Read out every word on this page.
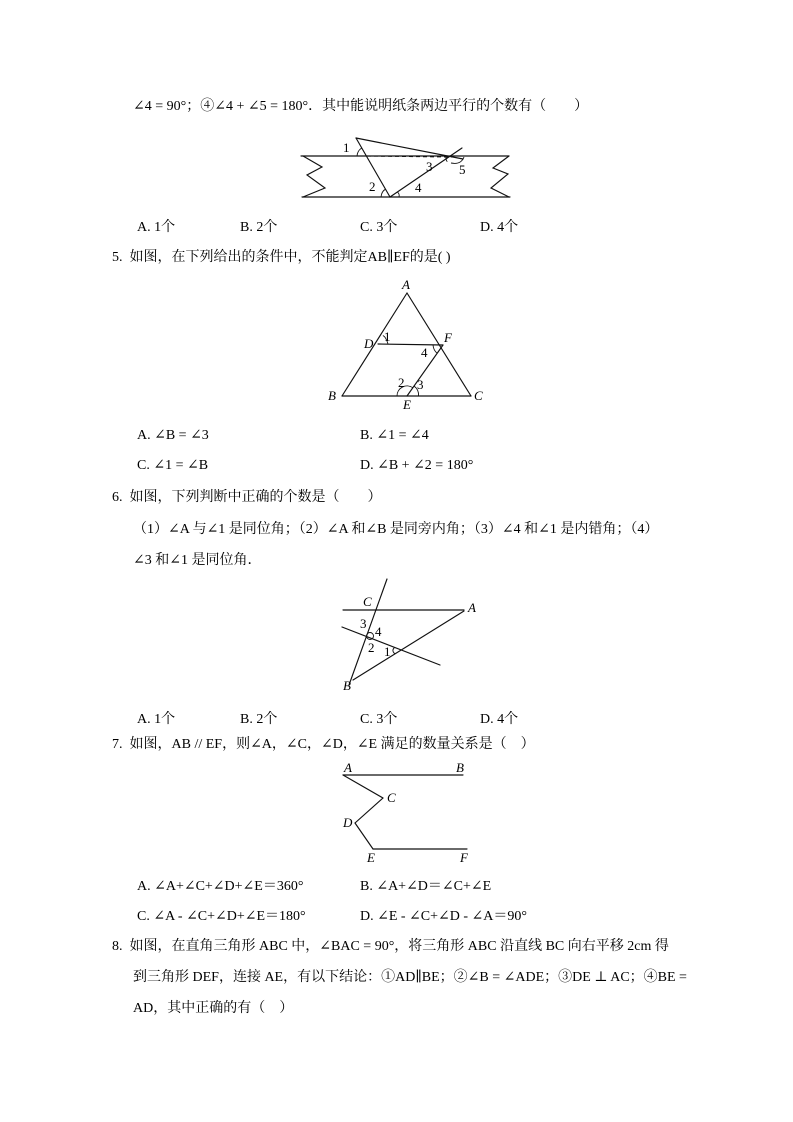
∠4 = 90°；④∠4 + ∠5 = 180°．其中能说明纸条两边平行的个数有（　　）
1
2
3
4
5
A. 1个	B. 2个	C. 3个	D. 4个
5. 如图，在下列给出的条件中，不能判定AB∥EF的是( )
A
B	C
D
E
F
1
2 3
4
A. ∠B = ∠3	B. ∠1 = ∠4
C. ∠1 = ∠B	D. ∠B + ∠2 = 180°
6. 如图，下列判断中正确的个数是（　　）
（1）∠A 与∠1 是同位角；（2）∠A 和∠B 是同旁内角；（3）∠4 和∠1 是内错角；（4）
∠3 和∠1 是同位角．
A
B
C
1
2
3
4
A. 1个	B. 2个	C. 3个	D. 4个
7. 如图，AB // EF，则∠A，∠C，∠D，∠E 满足的数量关系是（　）
A	B
C
D
E	F
A. ∠A+∠C+∠D+∠E＝360°	B. ∠A+∠D＝∠C+∠E
C. ∠A - ∠C+∠D+∠E＝180°	D. ∠E - ∠C+∠D - ∠A＝90°
8. 如图，在直角三角形 ABC 中，∠BAC = 90°，将三角形 ABC 沿直线 BC 向右平移 2cm 得
到三角形 DEF，连接 AE，有以下结论：①AD∥BE；②∠B = ∠ADE；③DE ⊥ AC；④BE =
AD，其中正确的有（　）
